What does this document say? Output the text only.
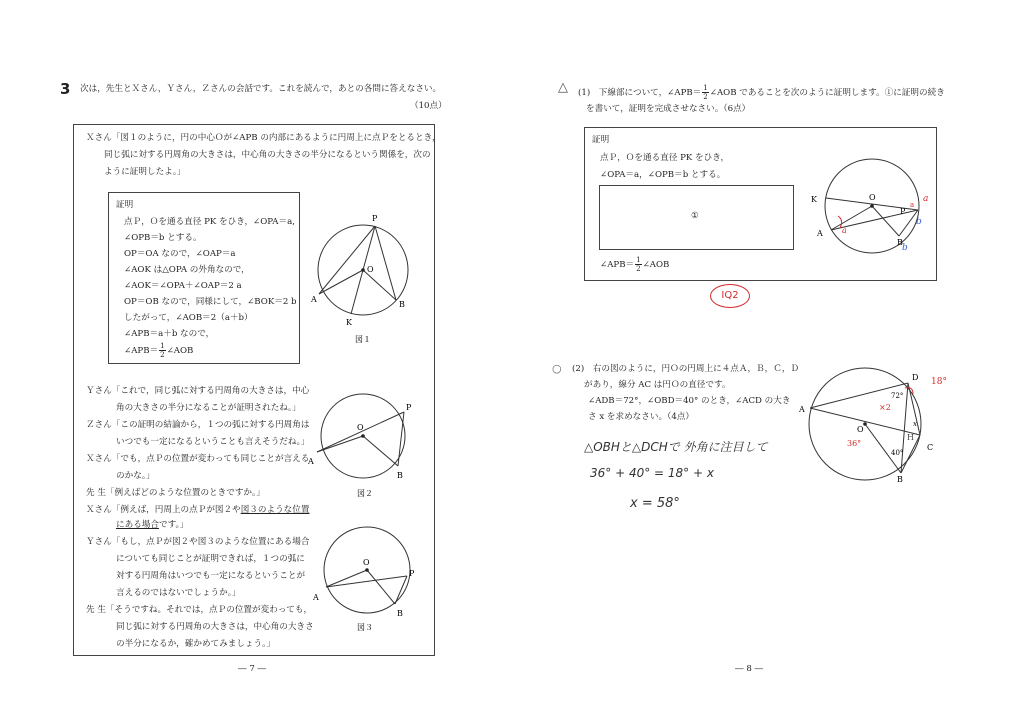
3 次は，先生とＸさん，Ｙさん，Ｚさんの会話です。これを読んで，あとの各問に答えなさい。
（10点）
Ｘさん「図１のように，円の中心Ｏが∠APB の内部にあるように円周上に点Ｐをとるとき，
同じ弧に対する円周角の大きさは，中心角の大きさの半分になるという関係を，次の
ように証明したよ。」
証明
点Ｐ，Ｏを通る直径 PK をひき，∠OPA＝a,
∠OPB＝b とする。
OP＝OA なので，∠OAP＝a
∠AOK は△OPA の外角なので，
∠AOK＝∠OPA＋∠OAP＝2 a
OP＝OB なので，同様にして，∠BOK＝2 b
したがって，∠AOB＝2（a＋b）
∠APB＝a＋b なので，
∠APB＝ $\frac{1}{2}$ ∠AOB
P
O
A
B
K
図１
Ｙさん「これで，同じ弧に対する円周角の大きさは，中心
角の大きさの半分になることが証明されたね。」
Ｚさん「この証明の結論から，１つの弧に対する円周角は
いつでも一定になるということも言えそうだね。」
Ｘさん「でも，点Ｐの位置が変わっても同じことが言える
のかな。」
先 生「例えばどのような位置のときですか。」
Ｘさん「例えば，円周上の点Ｐが図２や図３のような位置
にある場合です。」
Ｙさん「もし，点Ｐが図２や図３のような位置にある場合
についても同じことが証明できれば，１つの弧に
対する円周角はいつでも一定になるということが
言えるのではないでしょうか。」
先 生「そうですね。それでは，点Ｐの位置が変わっても，
同じ弧に対する円周角の大きさは，中心角の大きさ
の半分になるか，確かめてみましょう。」
P
O
A
B
図２
P
O
A
B
図３
― 7 ―
△ (1)　下線部について，∠APB＝ $\frac{1}{2}$ ∠AOB であることを次のように証明します。①に証明の続き
を書いて，証明を完成させなさい。（6点）
証明
点Ｐ，Ｏを通る直径 PK をひき，
∠OPA＝a，∠OPB＝b とする。
①
∠APB＝ $\frac{1}{2}$ ∠AOB
K	O
A
P
B
a
a
a
b
b
IQ2
○ (2)　右の図のように，円Ｏの円周上に４点Ａ，Ｂ，Ｃ，Ｄ
があり，線分 AC は円Ｏの直径です。
∠ADB＝72°，∠OBD＝40° のとき，∠ACD の大き
さ x を求めなさい。（4点）
△OBHと△DCHで 外角に注目して
36° + 40° = 18° + x
x = 58°
D
A
O
C
B
H
72°
40°
x
18°
×2
36°
― 8 ―
